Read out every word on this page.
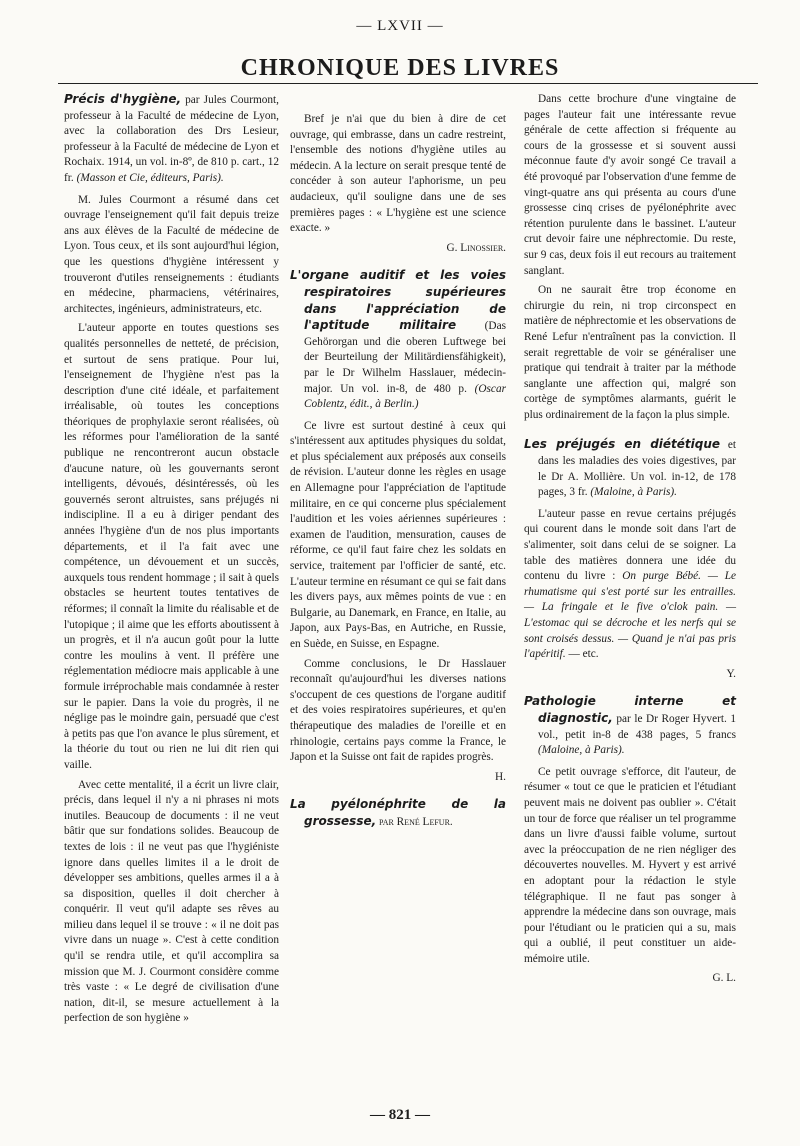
— LXVII —
CHRONIQUE DES LIVRES
Précis d'hygiène, par Jules Courmont, professeur à la Faculté de médecine de Lyon, avec la collaboration des Drs Lesieur, professeur à la Faculté de médecine de Lyon et Rochaix. 1914, un vol. in-8º, de 810 p. cart., 12 fr. (Masson et Cie, éditeurs, Paris).

M. Jules Courmont a résumé dans cet ouvrage l'enseignement qu'il fait depuis treize ans aux élèves de la Faculté de médecine de Lyon. Tous ceux, et ils sont aujourd'hui légion, que les questions d'hygiène intéressent y trouveront d'utiles renseignements : étudiants en médecine, pharmaciens, vétérinaires, architectes, ingénieurs, administrateurs, etc.

L'auteur apporte en toutes questions ses qualités personnelles de netteté, de précision, et surtout de sens pratique. Pour lui, l'enseignement de l'hygiène n'est pas la description d'une cité idéale, et parfaitement irréalisable, où toutes les conceptions théoriques de prophylaxie seront réalisées, où les réformes pour l'amélioration de la santé publique ne rencontreront aucun obstacle d'aucune nature, où les gouvernants seront intelligents, dévoués, désintéressés, où les gouvernés seront altruistes, sans préjugés ni indiscipline. Il a eu à diriger pendant des années l'hygiène d'un de nos plus importants départements, et il l'a fait avec une compétence, un dévouement et un succès, auxquels tous rendent hommage ; il sait à quels obstacles se heurtent toutes tentatives de réformes; il connaît la limite du réalisable et de l'utopique ; il aime que les efforts aboutissent à un progrès, et il n'a aucun goût pour la lutte contre les moulins à vent. Il préfère une réglementation médiocre mais applicable à une formule irréprochable mais condamnée à rester sur le papier. Dans la voie du progrès, il ne néglige pas le moindre gain, persuadé que c'est à petits pas que l'on avance le plus sûrement, et la théorie du tout ou rien ne lui dit rien qui vaille.

Avec cette mentalité, il a écrit un livre clair, précis, dans lequel il n'y a ni phrases ni mots inutiles. Beaucoup de documents : il ne veut bâtir que sur fondations solides. Beaucoup de textes de lois : il ne veut pas que l'hygiéniste ignore dans quelles limites il a le droit de développer ses ambitions, quelles armes il a à sa disposition, quelles il doit chercher à conquérir. Il veut qu'il adapte ses rêves au milieu dans lequel il se trouve : « il ne doit pas vivre dans un nuage ». C'est à cette condition qu'il se rendra utile, et qu'il accomplira sa mission que M. J. Courmont considère comme très vaste : « Le degré de civilisation d'une nation, dit-il, se mesure actuellement à la perfection de son hygiène »

Bref je n'ai que du bien à dire de cet ouvrage, qui embrasse, dans un cadre restreint, l'ensemble des notions d'hygiène utiles au médecin. A la lecture on serait presque tenté de concéder à son auteur l'aphorisme, un peu audacieux, qu'il souligne dans une de ses premières pages : « L'hygiène est une science exacte. »

G. Linossier.
L'organe auditif et les voies respiratoires supérieures dans l'appréciation de l'aptitude militaire	(Das Gehörorgan und die oberen Luftwege bei der Beurteilung der Militärdiensfähigkeit), par le Dr Wilhelm Hasslauer, médecin-major. Un vol. in-8, de 480 p. (Oscar Coblentz, édit., à Berlin.)

Ce livre est surtout destiné à ceux qui s'intéressent aux aptitudes physiques du soldat, et plus spécialement aux préposés aux conseils de révision. L'auteur donne les règles en usage en Allemagne pour l'appréciation de l'aptitude militaire, en ce qui concerne plus spécialement l'audition et les voies aériennes supérieures : examen de l'audition, mensuration, causes de réforme, ce qu'il faut faire chez les soldats en service, traitement par l'officier de santé, etc. L'auteur termine en résumant ce qui se fait dans les divers pays, aux mêmes points de vue : en Bulgarie, au Danemark, en France, en Italie, au Japon, aux Pays-Bas, en Autriche, en Russie, en Suède, en Suisse, en Espagne.

Comme conclusions, le Dr Hasslauer reconnaît qu'aujourd'hui les diverses nations s'occupent de ces questions de l'organe auditif et des voies respiratoires supérieures, et qu'en thérapeutique des maladies de l'oreille et en rhinologie, certains pays comme la France, le Japon et la Suisse ont fait de rapides progrès.

H.
La pyélonéphrite de la grossesse, par René Lefur.

Dans cette brochure d'une vingtaine de pages l'auteur fait une intéressante revue générale de cette affection si fréquente au cours de la grossesse et si souvent aussi méconnue faute d'y avoir songé Ce travail a été provoqué par l'observation d'une femme de vingt-quatre ans qui présenta au cours d'une grossesse cinq crises de pyélonéphrite avec rétention purulente dans le bassinet. L'auteur crut devoir faire une néphrectomie. Du reste, sur 9 cas, deux fois il eut recours au traitement sanglant.

On ne saurait être trop économe en chirurgie du rein, ni trop circonspect en matière de néphrectomie et les observations de René Lefur n'entraînent pas la conviction. Il serait regrettable de voir se généraliser une pratique qui tendrait à traiter par la méthode sanglante une affection qui, malgré son cortège de symptômes alarmants, guérit le plus ordinairement de la façon la plus simple.

Les préjugés en diététique et dans les maladies des voies digestives, par le Dr A. Mollière. Un vol. in-12, de 178 pages, 3 fr. (Maloine, à Paris).

L'auteur passe en revue certains préjugés qui courent dans le monde soit dans l'art de s'alimenter, soit dans celui de se soigner. La table des matières donnera une idée du contenu du livre : On purge Bébé. — Le rhumatisme qui s'est porté sur les entrailles. — La fringale et le five o'clok pain. — L'estomac qui se décroche et les nerfs qui se sont croisés dessus. — Quand je n'ai pas pris l'apéritif. — etc.

Y.
Pathologie interne et diagnostic, par le Dr Roger Hyvert. 1 vol., petit in-8 de 438 pages, 5 francs (Maloine, à Paris).

Ce petit ouvrage s'efforce, dit l'auteur, de résumer « tout ce que le praticien et l'étudiant peuvent mais ne doivent pas oublier ». C'était un tour de force que réaliser un tel programme dans un livre d'aussi faible volume, surtout avec la préoccupation de ne rien négliger des découvertes nouvelles. M. Hyvert y est arrivé en adoptant pour la rédaction le style télégraphique. Il ne faut pas songer à apprendre la médecine dans son ouvrage, mais pour l'étudiant ou le praticien qui a su, mais qui a oublié, il peut constituer un aide-mémoire utile.

G. L.
— 821 —
